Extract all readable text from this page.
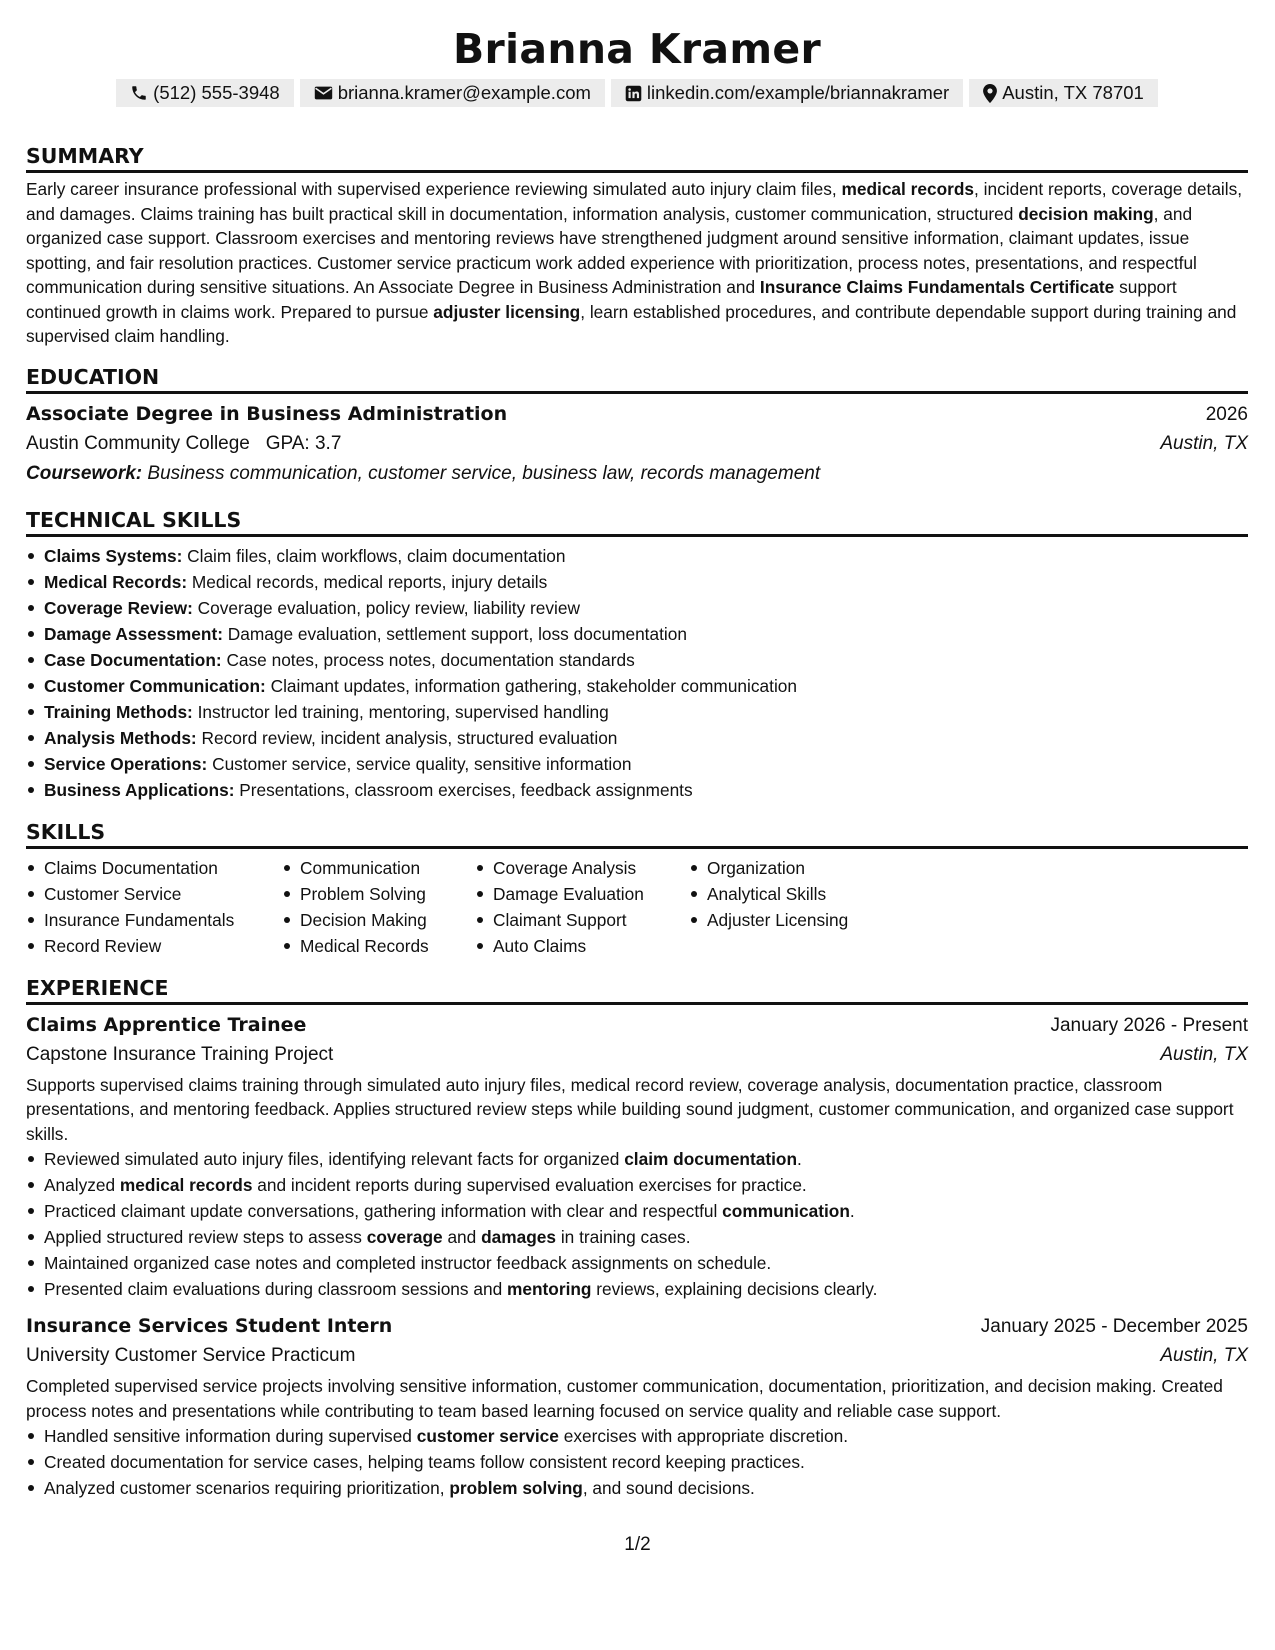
Brianna Kramer
(512) 555-3948	brianna.kramer@example.com	linkedin.com/example/briannakramer	Austin, TX 78701
SUMMARY

Early career insurance professional with supervised experience reviewing simulated auto injury claim files, medical records, incident reports, coverage details, and damages. Claims training has built practical skill in documentation, information analysis, customer communication, structured decision making, and organized case support. Classroom exercises and mentoring reviews have strengthened judgment around sensitive information, claimant updates, issue spotting, and fair resolution practices. Customer service practicum work added experience with prioritization, process notes, presentations, and respectful communication during sensitive situations. An Associate Degree in Business Administration and Insurance Claims Fundamentals Certificate support continued growth in claims work. Prepared to pursue adjuster licensing, learn established procedures, and contribute dependable support during training and supervised claim handling.

EDUCATION
Associate Degree in Business Administration	2026
Austin Community College GPA: 3.7	Austin, TX
Coursework: Business communication, customer service, business law, records management
TECHNICAL SKILLS
Claims Systems: Claim files, claim workflows, claim documentation
Medical Records: Medical records, medical reports, injury details
Coverage Review: Coverage evaluation, policy review, liability review
Damage Assessment: Damage evaluation, settlement support, loss documentation
Case Documentation: Case notes, process notes, documentation standards
Customer Communication: Claimant updates, information gathering, stakeholder communication
Training Methods: Instructor led training, mentoring, supervised handling
Analysis Methods: Record review, incident analysis, structured evaluation
Service Operations: Customer service, service quality, sensitive information
Business Applications: Presentations, classroom exercises, feedback assignments
SKILLS
Claims Documentation
Customer Service
Insurance Fundamentals
Record Review
Communication
Problem Solving
Decision Making
Medical Records
Coverage Analysis
Damage Evaluation
Claimant Support
Auto Claims
Organization
Analytical Skills
Adjuster Licensing
EXPERIENCE
Claims Apprentice Trainee	January 2026 - Present
Capstone Insurance Training Project	Austin, TX

Supports supervised claims training through simulated auto injury files, medical record review, coverage analysis, documentation practice, classroom presentations, and mentoring feedback. Applies structured review steps while building sound judgment, customer communication, and organized case support skills.

Reviewed simulated auto injury files, identifying relevant facts for organized claim documentation.
Analyzed medical records and incident reports during supervised evaluation exercises for practice.
Practiced claimant update conversations, gathering information with clear and respectful communication.
Applied structured review steps to assess coverage and damages in training cases.
Maintained organized case notes and completed instructor feedback assignments on schedule.
Presented claim evaluations during classroom sessions and mentoring reviews, explaining decisions clearly.
Insurance Services Student Intern	January 2025 - December 2025
University Customer Service Practicum	Austin, TX

Completed supervised service projects involving sensitive information, customer communication, documentation, prioritization, and decision making. Created process notes and presentations while contributing to team based learning focused on service quality and reliable case support.

Handled sensitive information during supervised customer service exercises with appropriate discretion.
Created documentation for service cases, helping teams follow consistent record keeping practices.
Analyzed customer scenarios requiring prioritization, problem solving, and sound decisions.
1/2
